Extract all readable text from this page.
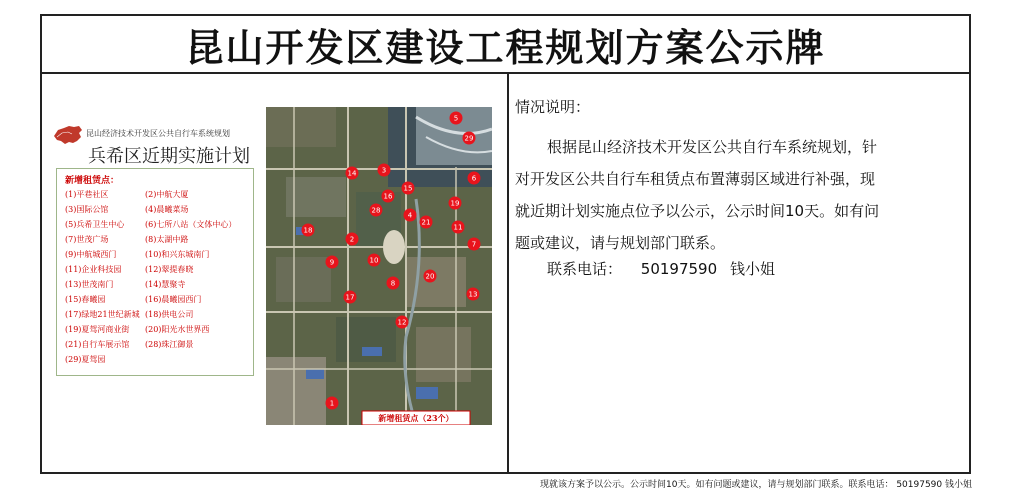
昆山开发区建设工程规划方案公示牌
昆山经济技术开发区公共自行车系统规划
兵希区近期实施计划
新增租赁点：
(1)平巷社区	(2)中航大厦
(3)国际公馆	(4)晨曦菜场
(5)兵希卫生中心	(6)七所八站（文体中心）
(7)世茂广场	(8)太湖中路
(9)中航城西门	(10)和兴东城南门
(11)企业科技园	(12)翠提春晓
(13)世茂南门	(14)慧聚寺
(15)春曦园	(16)晨曦园西门
(17)绿地21世纪新城 (18)供电公司
(19)夏驾河商业街 (20)阳光水世界西
(21)自行车展示馆 (28)珠江御景
(29)夏驾园
新增租赁点（23个）
5
29
14	3
6
16
15
19
28
4
21
11
18
2
7
9	10
8
20
17	13
12
1
情况说明：
根据昆山经济技术开发区公共自行车系统规划，针
对开发区公共自行车租赁点布置薄弱区域进行补强，现
就近期计划实施点位予以公示，公示时间10天。如有问
题或建议，请与规划部门联系。
联系电话： 50197590 钱小姐
现就该方案予以公示。公示时间10天。如有问题或建议，请与规划部门联系。联系电话： 50197590 钱小姐
